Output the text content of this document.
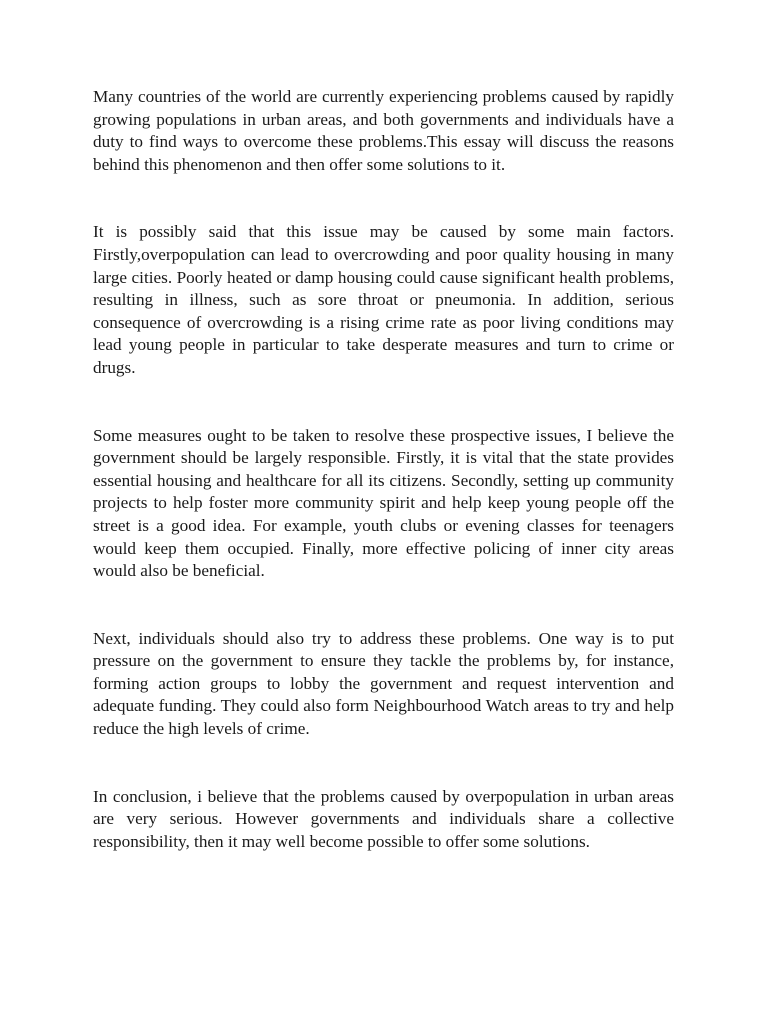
Many countries of the world are currently experiencing problems caused by rapidly growing populations in urban areas, and both governments and individuals have a duty to find ways to overcome these problems.This essay will discuss the reasons behind this phenomenon and then offer some solutions to it.

It is possibly said that this issue may be caused by some main factors. Firstly,overpopulation can lead to overcrowding and poor quality housing in many large cities. Poorly heated or damp housing could cause significant health problems, resulting in illness, such as sore throat or pneumonia. In addition, serious consequence of overcrowding is a rising crime rate as poor living conditions may lead young people in particular to take desperate measures and turn to crime or drugs.

Some measures ought to be taken to resolve these prospective issues, I believe the government should be largely responsible. Firstly, it is vital that the state provides essential housing and healthcare for all its citizens. Secondly, setting up community projects to help foster more community spirit and help keep young people off the street is a good idea. For example, youth clubs or evening classes for teenagers would keep them occupied. Finally, more effective policing of inner city areas would also be beneficial.

Next, individuals should also try to address these problems. One way is to put pressure on the government to ensure they tackle the problems by, for instance, forming action groups to lobby the government and request intervention and adequate funding. They could also form Neighbourhood Watch areas to try and help reduce the high levels of crime.

In conclusion, i believe that the problems caused by overpopulation in urban areas are very serious. However governments and individuals share a collective responsibility, then it may well become possible to offer some solutions.
